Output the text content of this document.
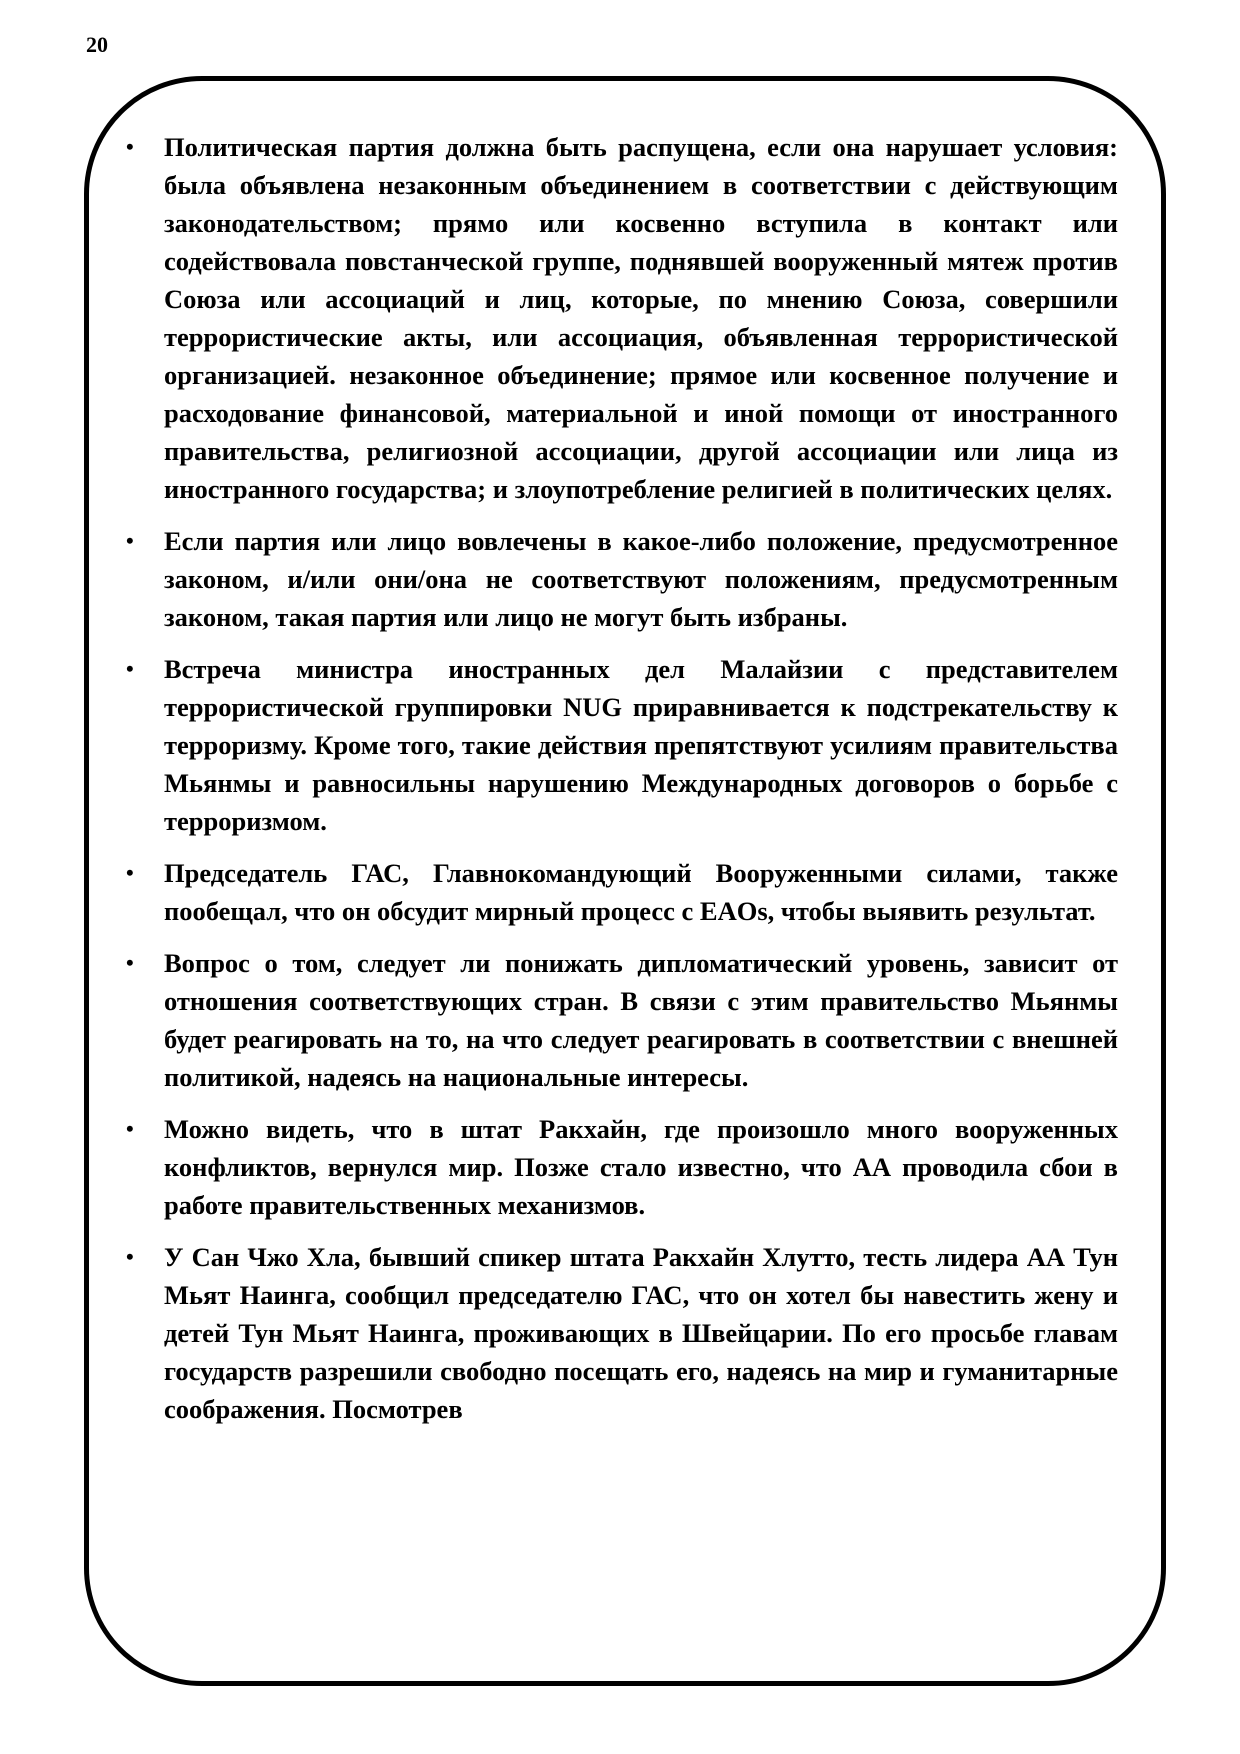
20
• Политическая партия должна быть распущена, если она нарушает условия: была объявлена незаконным объединением в соответствии с действующим законодательством; прямо или косвенно вступила в контакт или содействовала повстанческой группе, поднявшей вооруженный мятеж против Союза или ассоциаций и лиц, которые, по мнению Союза, совершили террористические акты, или ассоциация, объявленная террористической организацией. незаконное объединение; прямое или косвенное получение и расходование финансовой, материальной и иной помощи от иностранного правительства, религиозной ассоциации, другой ассоциации или лица из иностранного государства; и злоупотребление религией в политических целях.
• Если партия или лицо вовлечены в какое-либо положение, предусмотренное законом, и/или они/она не соответствуют положениям, предусмотренным законом, такая партия или лицо не могут быть избраны.
• Встреча министра иностранных дел Малайзии с представителем террористической группировки NUG приравнивается к подстрекательству к терроризму. Кроме того, такие действия препятствуют усилиям правительства Мьянмы и равносильны нарушению Международных договоров о борьбе с терроризмом.
• Председатель ГАС, Главнокомандующий Вооруженными силами, также пообещал, что он обсудит мирный процесс с EAOs, чтобы выявить результат.
• Вопрос о том, следует ли понижать дипломатический уровень, зависит от отношения соответствующих стран. В связи с этим правительство Мьянмы будет реагировать на то, на что следует реагировать в соответствии с внешней политикой, надеясь на национальные интересы.
• Можно видеть, что в штат Ракхайн, где произошло много вооруженных конфликтов, вернулся мир. Позже стало известно, что АА проводила сбои в работе правительственных механизмов.
• У Сан Чжо Хла, бывший спикер штата Ракхайн Хлутто, тесть лидера АА Тун Мьят Наинга, сообщил председателю ГАС, что он хотел бы навестить жену и детей Тун Мьят Наинга, проживающих в Швейцарии. По его просьбе главам государств разрешили свободно посещать его, надеясь на мир и гуманитарные соображения. Посмотрев
